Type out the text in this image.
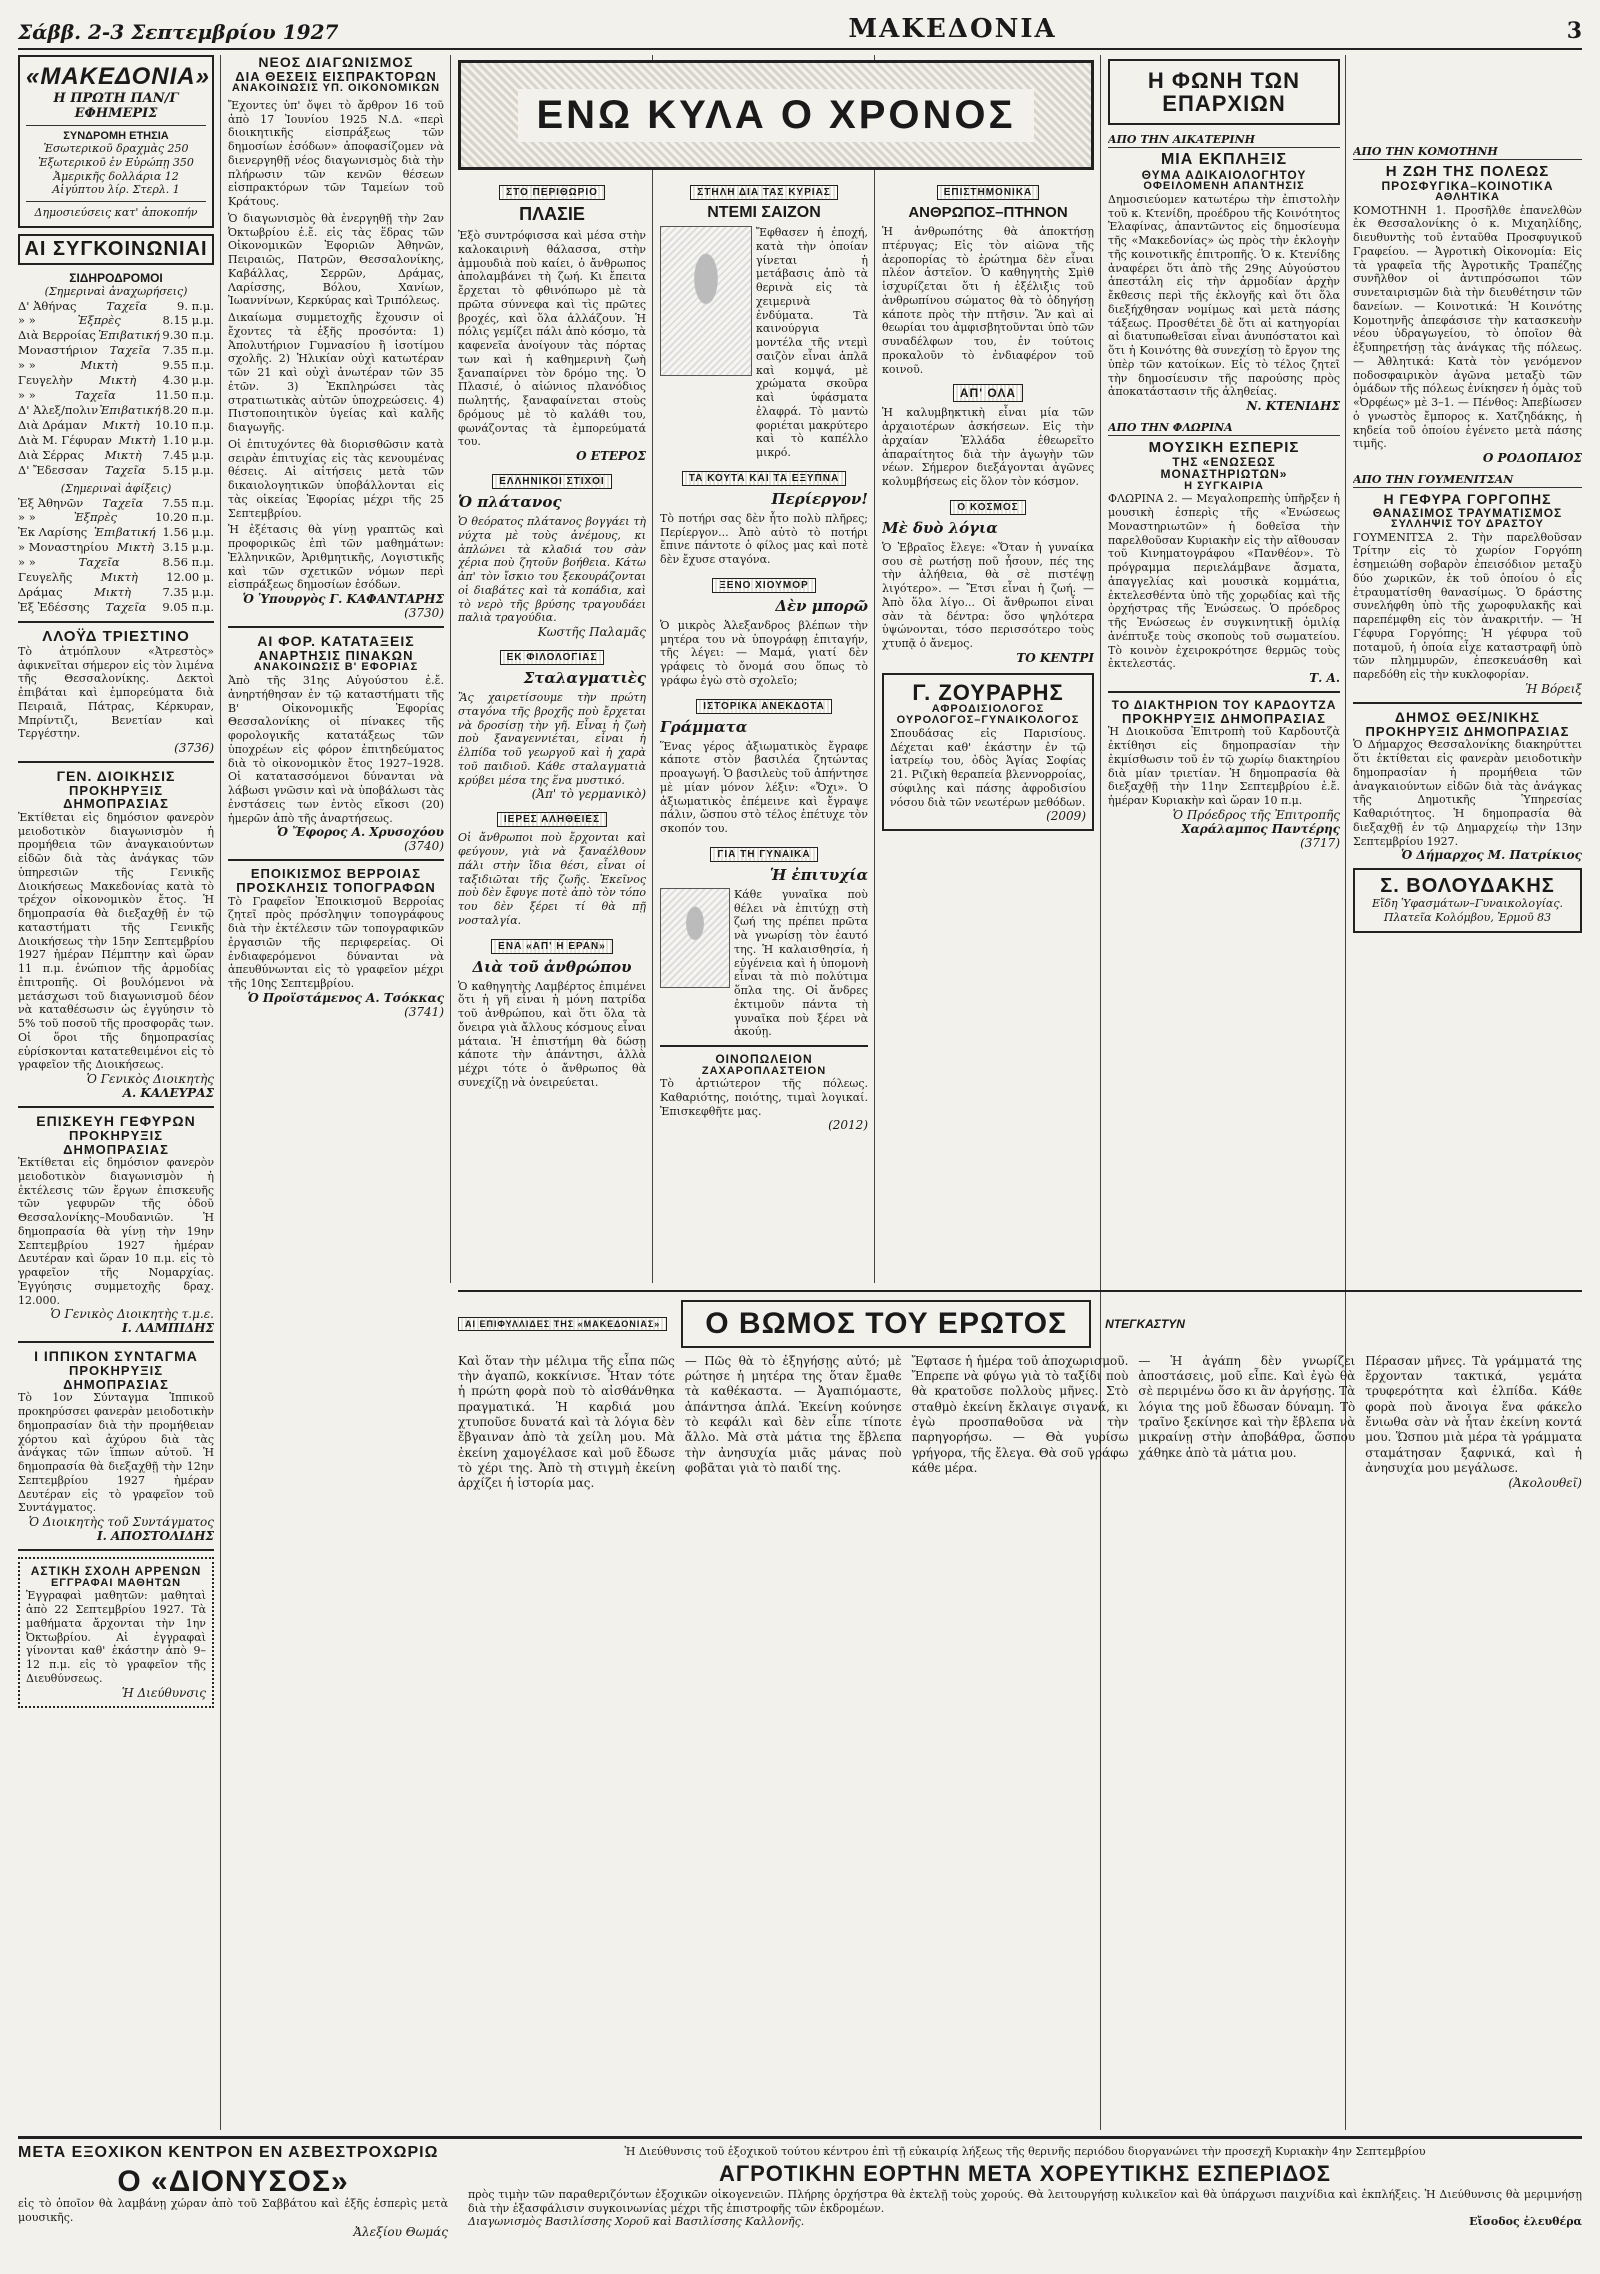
Σάββ. 2-3 Σεπτεμβρίου 1927	ΜΑΚΕΔΟΝΙΑ	3
«ΜΑΚΕΔΟΝΙΑ»
Η ΠΡΩΤΗ ΠΑΝ/Γ ΕΦΗΜΕΡΙΣ
ΣΥΝΔΡΟΜΗ ΕΤΗΣΙΑ
Ἐσωτερικοῦ δραχμὰς 250
Ἐξωτερικοῦ ἐν Εὐρώπῃ 350
Ἀμερικῆς δολλάρια 12
Αἰγύπτου λίρ. Στερλ. 1
Δημοσιεύσεις κατ' ἀποκοπήν
ΑΙ ΣΥΓΚΟΙΝΩΝΙΑΙ
ΣΙΔΗΡΟΔΡΟΜΟΙ
(Σημεριναὶ ἀναχωρήσεις)
Δ' Ἀθήνας	Ταχεῖα	9. π.μ.
» »	Ἐξπρὲς	8.15 μ.μ.
Διὰ Βερροίας Ἐπιβατική 9.30 π.μ.
Μοναστήριον Ταχεῖα 7.35 π.μ.
» »	Μικτὴ	9.55 π.μ.
Γευγελὴν Μικτὴ 4.30 μ.μ.
» »	Ταχεῖα	11.50 π.μ.
Δ' Ἀλεξ/πολιν Ἐπιβατική 8.20 π.μ.
Διὰ Δράμαν Μικτὴ 10.10 π.μ.
Διὰ Μ. Γέφυραν Μικτὴ 1.10 μ.μ.
Διὰ Σέρρας Μικτὴ 7.45 μ.μ.
Δ' Ἔδεσσαν Ταχεῖα 5.15 μ.μ.
(Σημεριναὶ ἀφίξεις)
Ἐξ Ἀθηνῶν Ταχεῖα 7.55 π.μ.
» »	Ἐξπρὲς	10.20 π.μ.
Ἐκ Λαρίσης Ἐπιβατική 1.56 μ.μ.
» Μοναστηρίου Μικτὴ 3.15 μ.μ.
» »	Ταχεῖα	8.56 π.μ.
Γευγελῆς Μικτὴ 12.00 μ.
Δράμας	Μικτὴ	7.35 μ.μ.
Ἐξ Ἐδέσσης Ταχεῖα 9.05 π.μ.
ΛΛΟΫΔ ΤΡΙΕΣΤΙΝΟ
Τὸ ἀτμόπλουν «Ἀτρεστὸς» ἀφικνεῖται σήμερον εἰς τὸν λιμένα τῆς Θεσσαλονίκης. Δεκτοὶ ἐπιβάται καὶ ἐμπορεύματα διὰ Πειραιᾶ, Πάτρας, Κέρκυραν, Μπρίντιζι, Βενετίαν καὶ Τεργέστην.
(3736)
ΓΕΝ. ΔΙΟΙΚΗΣΙΣ
ΠΡΟΚΗΡΥΞΙΣ ΔΗΜΟΠΡΑΣΙΑΣ
Ἐκτίθεται εἰς δημόσιον φανερὸν μειοδοτικὸν διαγωνισμὸν ἡ προμήθεια τῶν ἀναγκαιούντων εἰδῶν διὰ τὰς ἀνάγκας τῶν ὑπηρεσιῶν τῆς Γενικῆς Διοικήσεως Μακεδονίας κατὰ τὸ τρέχον οἰκονομικὸν ἔτος. Ἡ δημοπρασία θὰ διεξαχθῇ ἐν τῷ καταστήματι τῆς Γενικῆς Διοικήσεως τὴν 15ην Σεπτεμβρίου 1927 ἡμέραν Πέμπτην καὶ ὥραν 11 π.μ. ἐνώπιον τῆς ἁρμοδίας ἐπιτροπῆς. Οἱ βουλόμενοι νὰ μετάσχωσι τοῦ διαγωνισμοῦ δέον νὰ καταθέσωσιν ὡς ἐγγύησιν τὸ 5% τοῦ ποσοῦ τῆς προσφορᾶς των. Οἱ ὅροι τῆς δημοπρασίας εὑρίσκονται κατατεθειμένοι εἰς τὸ γραφεῖον τῆς Διοικήσεως.
Ὁ Γενικὸς Διοικητὴς
Α. ΚΑΛΕΥΡΑΣ
ΕΠΙΣΚΕΥΗ ΓΕΦΥΡΩΝ
ΠΡΟΚΗΡΥΞΙΣ ΔΗΜΟΠΡΑΣΙΑΣ
Ἐκτίθεται εἰς δημόσιον φανερὸν μειοδοτικὸν διαγωνισμὸν ἡ ἐκτέλεσις τῶν ἔργων ἐπισκευῆς τῶν γεφυρῶν τῆς ὁδοῦ Θεσσαλονίκης–Μουδανιῶν. Ἡ δημοπρασία θὰ γίνῃ τὴν 19ην Σεπτεμβρίου 1927 ἡμέραν Δευτέραν καὶ ὥραν 10 π.μ. εἰς τὸ γραφεῖον τῆς Νομαρχίας. Ἐγγύησις συμμετοχῆς δραχ. 12.000.
Ὁ Γενικὸς Διοικητὴς τ.μ.ε.
Ι. ΛΑΜΠΙΔΗΣ
Ι ΙΠΠΙΚΟΝ ΣΥΝΤΑΓΜΑ
ΠΡΟΚΗΡΥΞΙΣ ΔΗΜΟΠΡΑΣΙΑΣ
Τὸ 1ον Σύνταγμα Ἱππικοῦ προκηρύσσει φανερὰν μειοδοτικὴν δημοπρασίαν διὰ τὴν προμήθειαν χόρτου καὶ ἀχύρου διὰ τὰς ἀνάγκας τῶν ἵππων αὐτοῦ. Ἡ δημοπρασία θὰ διεξαχθῇ τὴν 12ην Σεπτεμβρίου 1927 ἡμέραν Δευτέραν εἰς τὸ γραφεῖον τοῦ Συντάγματος.
Ὁ Διοικητὴς τοῦ Συντάγματος
Ι. ΑΠΟΣΤΟΛΙΔΗΣ
ΑΣΤΙΚΗ ΣΧΟΛΗ ΑΡΡΕΝΩΝ
ΕΓΓΡΑΦΑΙ ΜΑΘΗΤΩΝ
Ἐγγραφαὶ μαθητῶν: μαθηταὶ ἀπὸ 22 Σεπτεμβρίου 1927. Τὰ μαθήματα ἄρχονται τὴν 1ην Ὀκτωβρίου. Αἱ ἐγγραφαὶ γίνονται καθ' ἑκάστην ἀπὸ 9–12 π.μ. εἰς τὸ γραφεῖον τῆς Διευθύνσεως.
Ἡ Διεύθυνσις
ΝΕΟΣ ΔΙΑΓΩΝΙΣΜΟΣ
ΔΙΑ ΘΕΣΕΙΣ ΕΙΣΠΡΑΚΤΟΡΩΝ
ΑΝΑΚΟΙΝΩΣΙΣ ΥΠ. ΟΙΚΟΝΟΜΙΚΩΝ
Ἔχοντες ὑπ' ὄψει τὸ ἄρθρον 16 τοῦ ἀπὸ 17 Ἰουνίου 1925 Ν.Δ. «περὶ διοικητικῆς εἰσπράξεως τῶν δημοσίων ἐσόδων» ἀποφασίζομεν νὰ διενεργηθῇ νέος διαγωνισμὸς διὰ τὴν πλήρωσιν τῶν κενῶν θέσεων εἰσπρακτόρων τῶν Ταμείων τοῦ Κράτους.
Ὁ διαγωνισμὸς θὰ ἐνεργηθῇ τὴν 2αν Ὀκτωβρίου ἐ.ἔ. εἰς τὰς ἕδρας τῶν Οἰκονομικῶν Ἐφοριῶν Ἀθηνῶν, Πειραιῶς, Πατρῶν, Θεσσαλονίκης, Καβάλλας, Σερρῶν, Δράμας, Λαρίσσης, Βόλου, Χανίων, Ἰωαννίνων, Κερκύρας καὶ Τριπόλεως.
Δικαίωμα συμμετοχῆς ἔχουσιν οἱ ἔχοντες τὰ ἑξῆς προσόντα: 1) Ἀπολυτήριον Γυμνασίου ἢ ἰσοτίμου σχολῆς. 2) Ἡλικίαν οὐχὶ κατωτέραν τῶν 21 καὶ οὐχὶ ἀνωτέραν τῶν 35 ἐτῶν. 3) Ἐκπληρώσει τὰς στρατιωτικὰς αὐτῶν ὑποχρεώσεις. 4) Πιστοποιητικὸν ὑγείας καὶ καλῆς διαγωγῆς.
Οἱ ἐπιτυχόντες θὰ διορισθῶσιν κατὰ σειρὰν ἐπιτυχίας εἰς τὰς κενουμένας θέσεις. Αἱ αἰτήσεις μετὰ τῶν δικαιολογητικῶν ὑποβάλλονται εἰς τὰς οἰκείας Ἐφορίας μέχρι τῆς 25 Σεπτεμβρίου.
Ἡ ἐξέτασις θὰ γίνῃ γραπτῶς καὶ προφορικῶς ἐπὶ τῶν μαθημάτων: Ἑλληνικῶν, Ἀριθμητικῆς, Λογιστικῆς καὶ τῶν σχετικῶν νόμων περὶ εἰσπράξεως δημοσίων ἐσόδων.
Ὁ Ὑπουργὸς Γ. ΚΑΦΑΝΤΑΡΗΣ
(3730)
ΑΙ ΦΟΡ. ΚΑΤΑΤΑΞΕΙΣ
ΑΝΑΡΤΗΣΙΣ ΠΙΝΑΚΩΝ
ΑΝΑΚΟΙΝΩΣΙΣ Β' ΕΦΟΡΙΑΣ
Ἀπὸ τῆς 31ης Αὐγούστου ἐ.ἔ. ἀνηρτήθησαν ἐν τῷ καταστήματι τῆς Β' Οἰκονομικῆς Ἐφορίας Θεσσαλονίκης οἱ πίνακες τῆς φορολογικῆς κατατάξεως τῶν ὑποχρέων εἰς φόρον ἐπιτηδεύματος διὰ τὸ οἰκονομικὸν ἔτος 1927–1928. Οἱ κατατασσόμενοι δύνανται νὰ λάβωσι γνῶσιν καὶ νὰ ὑποβάλωσι τὰς ἐνστάσεις των ἐντὸς εἴκοσι (20) ἡμερῶν ἀπὸ τῆς ἀναρτήσεως.
Ὁ Ἔφορος Α. Χρυσοχόου
(3740)
ΕΠΟΙΚΙΣΜΟΣ ΒΕΡΡΟΙΑΣ
ΠΡΟΣΚΛΗΣΙΣ ΤΟΠΟΓΡΑΦΩΝ
Τὸ Γραφεῖον Ἐποικισμοῦ Βερροίας ζητεῖ πρὸς πρόσληψιν τοπογράφους διὰ τὴν ἐκτέλεσιν τῶν τοπογραφικῶν ἐργασιῶν τῆς περιφερείας. Οἱ ἐνδιαφερόμενοι δύνανται νὰ ἀπευθύνωνται εἰς τὸ γραφεῖον μέχρι τῆς 10ης Σεπτεμβρίου.
Ὁ Προϊστάμενος Α. Τσόκκας
(3741)
ΕΝΩ ΚΥΛΑ Ο ΧΡΟΝΟΣ
ΣΤΟ ΠΕΡΙΘΩΡΙΟ
ΠΛΑΣΙΕ
Ἐξὸ συντρόφισσα καὶ μέσα στὴν καλοκαιρινὴ θάλασσα, στὴν ἀμμουδιὰ ποὺ καίει, ὁ ἄνθρωπος ἀπολαμβάνει τὴ ζωή. Κι ἔπειτα ἔρχεται τὸ φθινόπωρο μὲ τὰ πρῶτα σύννεφα καὶ τὶς πρῶτες βροχές, καὶ ὅλα ἀλλάζουν. Ἡ πόλις γεμίζει πάλι ἀπὸ κόσμο, τὰ καφενεῖα ἀνοίγουν τὰς πόρτας των καὶ ἡ καθημερινὴ ζωὴ ξαναπαίρνει τὸν δρόμο της. Ὁ Πλασιέ, ὁ αἰώνιος πλανόδιος πωλητής, ξαναφαίνεται στοὺς δρόμους μὲ τὸ καλάθι του, φωνάζοντας τὰ ἐμπορεύματά του.
Ο ΕΤΕΡΟΣ
ΕΛΛΗΝΙΚΟΙ ΣΤΙΧΟΙ
Ὁ πλάτανος
Ὁ θεόρατος πλάτανος βογγάει τὴ νύχτα μὲ τοὺς ἀνέμους, κι ἀπλώνει τὰ κλαδιά του σὰν χέρια ποὺ ζητοῦν βοήθεια. Κάτω ἀπ' τὸν ἴσκιο του ξεκουράζονται οἱ διαβάτες καὶ τὰ κοπάδια, καὶ τὸ νερὸ τῆς βρύσης τραγουδάει παλιὰ τραγούδια.
Κωστῆς Παλαμᾶς
ΕΚ ΦΙΛΟΛΟΓΙΑΣ
Σταλαγματιὲς
Ἂς χαιρετίσουμε τὴν πρώτη σταγόνα τῆς βροχῆς ποὺ ἔρχεται νὰ δροσίσῃ τὴν γῆ. Εἶναι ἡ ζωὴ ποὺ ξαναγεννιέται, εἶναι ἡ ἐλπίδα τοῦ γεωργοῦ καὶ ἡ χαρὰ τοῦ παιδιοῦ. Κάθε σταλαγματιὰ κρύβει μέσα της ἕνα μυστικό.
(Ἀπ' τὸ γερμανικὸ)
ΙΕΡΕΣ ΑΛΗΘΕΙΕΣ
Οἱ ἄνθρωποι ποὺ ἔρχονται καὶ φεύγουν, γιὰ νὰ ξαναέλθουν πάλι στὴν ἴδια θέσι, εἶναι οἱ ταξιδιῶται τῆς ζωῆς. Ἐκεῖνος ποὺ δὲν ἔφυγε ποτὲ ἀπὸ τὸν τόπο του δὲν ξέρει τί θὰ πῇ νοσταλγία.
ΕΝΑ «ΑΠ' Η ΕΡΑΝ»
Διὰ τοῦ ἀνθρώπου
Ὁ καθηγητὴς Λαμβέρτος ἐπιμένει ὅτι ἡ γῆ εἶναι ἡ μόνη πατρίδα τοῦ ἀνθρώπου, καὶ ὅτι ὅλα τὰ ὄνειρα γιὰ ἄλλους κόσμους εἶναι μάταια. Ἡ ἐπιστήμη θὰ δώσῃ κάποτε τὴν ἀπάντησι, ἀλλὰ μέχρι τότε ὁ ἄνθρωπος θὰ συνεχίζῃ νὰ ὀνειρεύεται.
ΣΤΗΛΗ ΔΙΑ ΤΑΣ ΚΥΡΙΑΣ
ΝΤΕΜΙ ΣΑΙΖΟΝ
Ἔφθασεν ἡ ἐποχή, κατὰ τὴν ὁποίαν γίνεται ἡ μετάβασις ἀπὸ τὰ θερινὰ εἰς τὰ χειμερινὰ ἐνδύματα. Τὰ καινούργια μοντέλα τῆς ντεμὶ σαιζὸν εἶναι ἁπλᾶ καὶ κομψά, μὲ χρώματα σκοῦρα καὶ ὑφάσματα ἐλαφρά. Τὸ μαντὼ φοριέται μακρύτερο καὶ τὸ καπέλλο μικρό.
ΤΑ ΚΟΥΤΑ ΚΑΙ ΤΑ ΕΞΥΠΝΑ
Περίεργον!
Τὸ ποτήρι σας δὲν ἦτο πολὺ πλῆρες; Περίεργον... Ἀπὸ αὐτὸ τὸ ποτήρι ἔπινε πάντοτε ὁ φίλος μας καὶ ποτὲ δὲν ἔχυσε σταγόνα.
ΞΕΝΟ ΧΙΟΥΜΟΡ
Δὲν μπορῶ
Ὁ μικρὸς Ἀλεξανδρος βλέπων τὴν μητέρα του νὰ ὑπογράφῃ ἐπιταγήν, τῆς λέγει: — Μαμά, γιατί δὲν γράφεις τὸ ὄνομά σου ὅπως τὸ γράφω ἐγὼ στὸ σχολεῖο;
ΙΣΤΟΡΙΚΑ ΑΝΕΚΔΟΤΑ
Γράμματα
Ἕνας γέρος ἀξιωματικὸς ἔγραφε κάποτε στὸν βασιλέα ζητώντας προαγωγή. Ὁ βασιλεὺς τοῦ ἀπήντησε μὲ μίαν μόνον λέξιν: «Ὄχι». Ὁ ἀξιωματικὸς ἐπέμεινε καὶ ἔγραψε πάλιν, ὥσπου στὸ τέλος ἐπέτυχε τὸν σκοπόν του.
ΓΙΑ ΤΗ ΓΥΝΑΙΚΑ
Ἡ ἐπιτυχία
Κάθε γυναῖκα ποὺ θέλει νὰ ἐπιτύχῃ στὴ ζωή της πρέπει πρῶτα νὰ γνωρίσῃ τὸν ἑαυτό της. Ἡ καλαισθησία, ἡ εὐγένεια καὶ ἡ ὑπομονὴ εἶναι τὰ πιὸ πολύτιμα ὅπλα της. Οἱ ἄνδρες ἐκτιμοῦν πάντα τὴ γυναῖκα ποὺ ξέρει νὰ ἀκούῃ.
ΟΙΝΟΠΩΛΕΙΟΝ
ΖΑΧΑΡΟΠΛΑΣΤΕΙΟΝ
Τὸ ἀρτιώτερον τῆς πόλεως. Καθαριότης, ποιότης, τιμαὶ λογικαί. Ἐπισκεφθῆτε μας.
(2012)
ΕΠΙΣΤΗΜΟΝΙΚΑ
ΑΝΘΡΩΠΟΣ–ΠΤΗΝΟΝ
Ἡ ἀνθρωπότης θὰ ἀποκτήσῃ πτέρυγας; Εἰς τὸν αἰῶνα τῆς ἀεροπορίας τὸ ἐρώτημα δὲν εἶναι πλέον ἀστεῖον. Ὁ καθηγητὴς Σμὶθ ἰσχυρίζεται ὅτι ἡ ἐξέλιξις τοῦ ἀνθρωπίνου σώματος θὰ τὸ ὁδηγήσῃ κάποτε πρὸς τὴν πτῆσιν. Ἂν καὶ αἱ θεωρίαι του ἀμφισβητοῦνται ὑπὸ τῶν συναδέλφων του, ἐν τούτοις προκαλοῦν τὸ ἐνδιαφέρον τοῦ κοινοῦ.
ΑΠ' ΟΛΑ
Ἡ καλυμβηκτικὴ εἶναι μία τῶν ἀρχαιοτέρων ἀσκήσεων. Εἰς τὴν ἀρχαίαν Ἑλλάδα ἐθεωρεῖτο ἀπαραίτητος διὰ τὴν ἀγωγὴν τῶν νέων. Σήμερον διεξάγονται ἀγῶνες κολυμβήσεως εἰς ὅλον τὸν κόσμον.
Ο ΚΟΣΜΟΣ
Μὲ δυὸ λόγια
Ὁ Ἐβραῖος ἔλεγε: «Ὅταν ἡ γυναίκα σου σὲ ρωτήσῃ ποῦ ἦσουν, πές της τὴν ἀλήθεια, θὰ σὲ πιστέψῃ λιγότερο». — Ἔτσι εἶναι ἡ ζωή. — Ἀπὸ ὅλα λίγο... Οἱ ἄνθρωποι εἶναι σὰν τὰ δέντρα: ὅσο ψηλότερα ὑψώνονται, τόσο περισσότερο τοὺς χτυπᾷ ὁ ἄνεμος.
ΤΟ ΚΕΝΤΡΙ
Γ. ΖΟΥΡΑΡΗΣ
ΑΦΡΟΔΙΣΙΟΛΟΓΟΣ
ΟΥΡΟΛΟΓΟΣ–ΓΥΝΑΙΚΟΛΟΓΟΣ
Σπουδάσας εἰς Παρισίους. Δέχεται καθ' ἑκάστην ἐν τῷ ἰατρείῳ του, ὁδὸς Ἁγίας Σοφίας 21. Ριζικὴ θεραπεία βλεννορροίας, σύφιλης καὶ πάσης ἀφροδισίου νόσου διὰ τῶν νεωτέρων μεθόδων.
(2009)
Η ΦΩΝΗ ΤΩΝ ΕΠΑΡΧΙΩΝ
ΑΠΟ ΤΗΝ ΑΙΚΑΤΕΡΙΝΗ
ΜΙΑ ΕΚΠΛΗΞΙΣ
ΘΥΜΑ ΑΔΙΚΑΙΟΛΟΓΗΤΟΥ
ΟΦΕΙΛΟΜΕΝΗ ΑΠΑΝΤΗΣΙΣ
Δημοσιεύομεν κατωτέρω τὴν ἐπιστολὴν τοῦ κ. Κτενίδη, προέδρου τῆς Κοινότητος Ἐλαφίνας, ἀπαντῶντος εἰς δημοσίευμα τῆς «Μακεδονίας» ὡς πρὸς τὴν ἐκλογὴν τῆς κοινοτικῆς ἐπιτροπῆς. Ὁ κ. Κτενίδης ἀναφέρει ὅτι ἀπὸ τῆς 29ης Αὐγούστου ἀπεστάλη εἰς τὴν ἁρμοδίαν ἀρχὴν ἔκθεσις περὶ τῆς ἐκλογῆς καὶ ὅτι ὅλα διεξήχθησαν νομίμως καὶ μετὰ πάσης τάξεως. Προσθέτει δὲ ὅτι αἱ κατηγορίαι αἱ διατυπωθεῖσαι εἶναι ἀνυπόστατοι καὶ ὅτι ἡ Κοινότης θὰ συνεχίσῃ τὸ ἔργον της ὑπὲρ τῶν κατοίκων. Εἰς τὸ τέλος ζητεῖ τὴν δημοσίευσιν τῆς παρούσης πρὸς ἀποκατάστασιν τῆς ἀληθείας.
Ν. ΚΤΕΝΙΔΗΣ
ΑΠΟ ΤΗΝ ΦΛΩΡΙΝΑ
ΜΟΥΣΙΚΗ ΕΣΠΕΡΙΣ
ΤΗΣ «ΕΝΩΣΕΩΣ ΜΟΝΑΣΤΗΡΙΩΤΩΝ»
Η ΣΥΓΚΑΙΡΙΑ
ΦΛΩΡΙΝΑ 2. — Μεγαλοπρεπὴς ὑπῆρξεν ἡ μουσικὴ ἑσπερὶς τῆς «Ἑνώσεως Μοναστηριωτῶν» ἡ δοθεῖσα τὴν παρελθοῦσαν Κυριακὴν εἰς τὴν αἴθουσαν τοῦ Κινηματογράφου «Πανθέον». Τὸ πρόγραμμα περιελάμβανε ἄσματα, ἀπαγγελίας καὶ μουσικὰ κομμάτια, ἐκτελεσθέντα ὑπὸ τῆς χορῳδίας καὶ τῆς ὀρχήστρας τῆς Ἑνώσεως. Ὁ πρόεδρος τῆς Ἑνώσεως ἐν συγκινητικῇ ὁμιλίᾳ ἀνέπτυξε τοὺς σκοποὺς τοῦ σωματείου. Τὸ κοινὸν ἐχειροκρότησε θερμῶς τοὺς ἐκτελεστάς.
Τ. Α.
ΤΟ ΔΙΑΚΤΗΡΙΟΝ ΤΟΥ ΚΑΡΔΟΥΤΖΑ
ΠΡΟΚΗΡΥΞΙΣ ΔΗΜΟΠΡΑΣΙΑΣ
Ἡ Διοικοῦσα Ἐπιτροπὴ τοῦ Καρδουτζὰ ἐκτίθησι εἰς δημοπρασίαν τὴν ἐκμίσθωσιν τοῦ ἐν τῷ χωρίῳ διακτηρίου διὰ μίαν τριετίαν. Ἡ δημοπρασία θὰ διεξαχθῇ τὴν 11ην Σεπτεμβρίου ἐ.ἔ. ἡμέραν Κυριακὴν καὶ ὥραν 10 π.μ.
Ὁ Πρόεδρος τῆς Ἐπιτροπῆς
Χαράλαμπος Παντέρης
(3717)
ΑΠΟ ΤΗΝ ΚΟΜΟΤΗΝΗ
Η ΖΩΗ ΤΗΣ ΠΟΛΕΩΣ
ΠΡΟΣΦΥΓΙΚΑ–ΚΟΙΝΟΤΙΚΑ
ΑΘΛΗΤΙΚΑ
ΚΟΜΟΤΗΝΗ 1. Προσῆλθε ἐπανελθὼν ἐκ Θεσσαλονίκης ὁ κ. Μιχαηλίδης, διευθυντὴς τοῦ ἐνταῦθα Προσφυγικοῦ Γραφείου. — Ἀγροτικὴ Οἰκονομία: Εἰς τὰ γραφεῖα τῆς Ἀγροτικῆς Τραπέζης συνῆλθον οἱ ἀντιπρόσωποι τῶν συνεταιρισμῶν διὰ τὴν διευθέτησιν τῶν δανείων. — Κοινοτικά: Ἡ Κοινότης Κομοτηνῆς ἀπεφάσισε τὴν κατασκευὴν νέου ὑδραγωγείου, τὸ ὁποῖον θὰ ἐξυπηρετήσῃ τὰς ἀνάγκας τῆς πόλεως. — Ἀθλητικά: Κατὰ τὸν γενόμενον ποδοσφαιρικὸν ἀγῶνα μεταξὺ τῶν ὁμάδων τῆς πόλεως ἐνίκησεν ἡ ὁμὰς τοῦ «Ὀρφέως» μὲ 3–1. — Πένθος: Ἀπεβίωσεν ὁ γνωστὸς ἔμπορος κ. Χατζηδάκης, ἡ κηδεία τοῦ ὁποίου ἐγένετο μετὰ πάσης τιμῆς.
Ο ΡΟΔΟΠΑΙΟΣ
ΑΠΟ ΤΗΝ ΓΟΥΜΕΝΙΤΣΑΝ
Η ΓΕΦΥΡΑ ΓΟΡΓΟΠΗΣ
ΘΑΝΑΣΙΜΟΣ ΤΡΑΥΜΑΤΙΣΜΟΣ
ΣΥΛΛΗΨΙΣ ΤΟΥ ΔΡΑΣΤΟΥ
ΓΟΥΜΕΝΙΤΣΑ 2. Τὴν παρελθοῦσαν Τρίτην εἰς τὸ χωρίον Γοργόπη ἐσημειώθη σοβαρὸν ἐπεισόδιον μεταξὺ δύο χωρικῶν, ἐκ τοῦ ὁποίου ὁ εἷς ἐτραυματίσθη θανασίμως. Ὁ δράστης συνελήφθη ὑπὸ τῆς χωροφυλακῆς καὶ παρεπέμφθη εἰς τὸν ἀνακριτήν. — Ἡ Γέφυρα Γοργόπης: Ἡ γέφυρα τοῦ ποταμοῦ, ἡ ὁποία εἶχε καταστραφῆ ὑπὸ τῶν πλημμυρῶν, ἐπεσκευάσθη καὶ παρεδόθη εἰς τὴν κυκλοφορίαν.
Ἡ Βόρειξ
ΔΗΜΟΣ ΘΕΣ/ΝΙΚΗΣ
ΠΡΟΚΗΡΥΞΙΣ ΔΗΜΟΠΡΑΣΙΑΣ
Ὁ Δήμαρχος Θεσσαλονίκης διακηρύττει ὅτι ἐκτίθεται εἰς φανερὰν μειοδοτικὴν δημοπρασίαν ἡ προμήθεια τῶν ἀναγκαιούντων εἰδῶν διὰ τὰς ἀνάγκας τῆς Δημοτικῆς Ὑπηρεσίας Καθαριότητος. Ἡ δημοπρασία θὰ διεξαχθῇ ἐν τῷ Δημαρχείῳ τὴν 13ην Σεπτεμβρίου 1927.
Ὁ Δήμαρχος Μ. Πατρίκιος
Σ. ΒΟΛΟΥΔΑΚΗΣ
Εἴδη Ὑφασμάτων–Γυναικολογίας. Πλατεῖα Κολόμβου, Ἐρμοῦ 83
ΑΙ ΕΠΙΦΥΛΛΙΔΕΣ ΤΗΣ «ΜΑΚΕΔΟΝΙΑΣ»	Ο ΒΩΜΟΣ ΤΟΥ ΕΡΩΤΟΣ	ΝΤΕΓΚΑΣΤΥΝ
Καὶ ὅταν τὴν μέλιμα τῆς εἶπα πῶς τὴν ἀγαπῶ, κοκκίνισε. Ἦταν τότε ἡ πρώτη φορὰ ποὺ τὸ αἰσθάνθηκα πραγματικά. Ἡ καρδιά μου χτυποῦσε δυνατά καὶ τὰ λόγια δὲν ἔβγαιναν ἀπὸ τὰ χείλη μου. Μὰ ἐκείνη χαμογέλασε καὶ μοῦ ἔδωσε τὸ χέρι της. Ἀπὸ τὴ στιγμὴ ἐκείνη ἀρχίζει ἡ ἱστορία μας.
— Πῶς θὰ τὸ ἐξηγήσῃς αὐτό; μὲ ρώτησε ἡ μητέρα της ὅταν ἔμαθε τὰ καθέκαστα. — Ἀγαπιόμαστε, ἀπάντησα ἁπλά. Ἐκείνη κούνησε τὸ κεφάλι καὶ δὲν εἶπε τίποτε ἄλλο. Μὰ στὰ μάτια της ἔβλεπα τὴν ἀνησυχία μιᾶς μάνας ποὺ φοβᾶται γιὰ τὸ παιδί της.
Ἔφτασε ἡ ἡμέρα τοῦ ἀποχωρισμοῦ. Ἔπρεπε νὰ φύγω γιὰ τὸ ταξίδι ποὺ θὰ κρατοῦσε πολλοὺς μῆνες. Στὸ σταθμὸ ἐκείνη ἔκλαιγε σιγανά, κι ἐγὼ προσπαθοῦσα νὰ τὴν παρηγορήσω. — Θὰ γυρίσω γρήγορα, τῆς ἔλεγα. Θὰ σοῦ γράφω κάθε μέρα.
— Ἡ ἀγάπη δὲν γνωρίζει ἀποστάσεις, μοῦ εἶπε. Καὶ ἐγὼ θὰ σὲ περιμένω ὅσο κι ἂν ἀργήσῃς. Τὰ λόγια της μοῦ ἔδωσαν δύναμη. Τὸ τραῖνο ξεκίνησε καὶ τὴν ἔβλεπα νὰ μικραίνῃ στὴν ἀποβάθρα, ὥσπου χάθηκε ἀπὸ τὰ μάτια μου.
Πέρασαν μῆνες. Τὰ γράμματά της ἔρχονταν τακτικά, γεμάτα τρυφερότητα καὶ ἐλπίδα. Κάθε φορὰ ποὺ ἄνοιγα ἕνα φάκελο ἔνιωθα σὰν νὰ ἦταν ἐκείνη κοντά μου. Ὥσπου μιὰ μέρα τὰ γράμματα σταμάτησαν ξαφνικά, καὶ ἡ ἀνησυχία μου μεγάλωσε.
(Ἀκολουθεῖ)
ΜΕΤΑ ΕΞΟΧΙΚΟΝ ΚΕΝΤΡΟΝ ΕΝ ΑΣΒΕΣΤΡΟΧΩΡΙΩ
Ο «ΔΙΟΝΥΣΟΣ»
εἰς τὸ ὁποῖον θὰ λαμβάνῃ χώραν ἀπὸ τοῦ Σαββάτου καὶ ἑξῆς ἑσπερὶς μετὰ μουσικῆς.
Ἀλεξίου Θωμάς
Ἡ Διεύθυνσις τοῦ ἐξοχικοῦ τούτου κέντρου ἐπὶ τῇ εὐκαιρίᾳ λήξεως τῆς θερινῆς περιόδου διοργανώνει τὴν προσεχῆ Κυριακὴν 4ην Σεπτεμβρίου
ΑΓΡΟΤΙΚΗΝ ΕΟΡΤΗΝ ΜΕΤΑ ΧΟΡΕΥΤΙΚΗΣ ΕΣΠΕΡΙΔΟΣ
πρὸς τιμὴν τῶν παραθεριζόντων ἐξοχικῶν οἰκογενειῶν. Πλήρης ὀρχήστρα θὰ ἐκτελῇ τοὺς χορούς. Θὰ λειτουργήσῃ κυλικεῖον καὶ θὰ ὑπάρχωσι παιχνίδια καὶ ἐκπλήξεις. Ἡ Διεύθυνσις θὰ μεριμνήσῃ διὰ τὴν ἐξασφάλισιν συγκοινωνίας μέχρι τῆς ἐπιστροφῆς τῶν ἐκδρομέων.
Διαγωνισμὸς Βασιλίσσης Χοροῦ καὶ Βασιλίσσης Καλλονῆς.	Εἴσοδος ἐλευθέρα
